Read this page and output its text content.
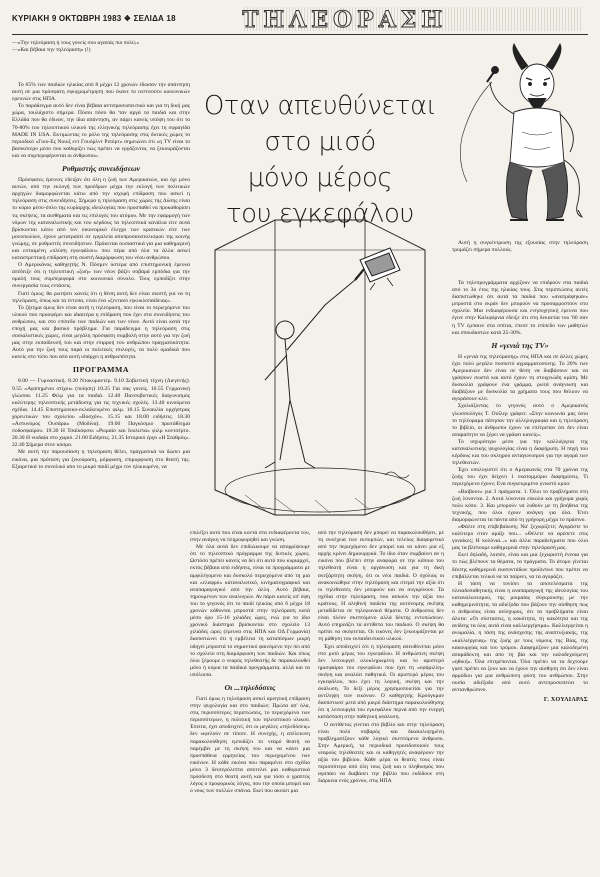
ΚΥΡΙΑΚΗ 9 ΟΚΤΩΒΡΗ 1983 ❖ ΣΕΛΙΔΑ 18	ΤΗΛΕΟΡΑΣΗ

—«Την τηλεόραση ή τους γονείς σου αγαπάς πιο πολύ;»

—«Και βέβαια την τηλεόραση» (!)

Το 65% των παιδιών ηλικίας από 8 μέχρι 12 χρονών έδωσαν την απάντηση αυτή σε μια πρόσφατη σφυγμομέτρηση που έκανε το ινστιτούτο κοινωνικών ερευνών στις ΗΠΑ.

Το παράδειγμα αυτό δεν είναι βέβαια αντιπροσωπευτικό και για τη δική μας χώρα, τουλάχιστο σήμερα. Πόσοι πόσο θα 'ταν αργά τα παιδιά και στην Ελλάδα που θα έδιναν, την ίδια απάντηση, αν πάρει κανείς υπόψη του ότι το 70-80% του τηλεοπτικού υλικού της ελληνικής τηλεόρασης έχει τη σφραγίδα MADE IN USA. Εκτιμώντας το ρόλο της τηλεόρασης στις δυτικές χώρες το περιοδικό «Γιου-Ες Νιουζ εντ Γουόρλντ Ριπόρτ» σημειώνει ότι «η TV είναι το βασικότερο μέσο που καθορίζει πώς πρέπει να εργάζονται, να ξεκουράζονται και να συμπεριφέρονται οι άνθρωποι».

Ρυθμιστής συνειδήσεων

Πρόσφατες έρευνες έδειξαν ότι όλη η ζωή των Αμερικανών, και όχι μόνο αυτών, από την εκλογή των προέδρων μέχρι την εκλογή των πολιτικών αρχηγών διαμορφώνεται κάτω από την ισχυρή επίδραση που ασκεί η τηλεόραση στις συνειδήσεις. Σήμερα η τηλεόραση στις χώρες της Δύσης είναι το κύριο μέσο-όπλο της κυρίαρχης ιδεολογίας που προσπαθεί να προκαθορίσει τις σκέψεις, τα αισθήματα και τις επιλογές του ατόμου. Με την εφαρμογή των νόμων της καταναλωτικής και του κέρδους τα τηλεοπτικά κανάλια είτε αυτά βρίσκονται κάτω από τον οικονομικό έλεγχο των κρατικών είτε των μονοπωλίων, έχουν μετατραπεί σε εργαλεία αποπροσανατολισμού της κοινής γνώμης, σε ρυθμιστές συνειδήσεων. Πρόκειται ουσιαστικά για μια καθημερινή και εσταιμένη «πλύση εγκεφάλου» που πέρα από όλα τα άλλα ασκεί καταστρεπτική επίδραση στη σωστή διαμόρφωση του νέου ανθρώπου.

Ο Αμερικάνος καθηγητής Ν. Πόσμεν ύστερα από επιστημονική έρευνα απέδειξε ότι η τηλεοπτική «ζωή» των νέων βάζει σοβαρά εμπόδια για την ομαλή τους συμπεριφορά στο κοινωνικό σύνολο. Τους εμποδίζει στην συνεργασία τους εντάσεις.

Γιατί όμως; θα ρωτήσει κανείς ότι η θέση αυτή δεν είναι σωστή για να τη τηλεόραση, όπως και τα έντυπα, είναι ένα «ζεντανό εγκυκλοπαίδειας».

Το ζήτημα όμως δεν είναι αυτή η τηλεόραση, που είναι το περιεχόμενο του υλικού που προσφέρει και ιδιαιτέρα η επίδραση που έχει στα συνειδήσεις του ανθρώπου, και στο επίπεδο των παιδιών και των νέων. Αυτό είναι κατά την εποχή μας και βασικό πρόβλημα. Για παράδειγμα η τηλεόραση στις σοσιαλιστικές χώρες, είναι μεγάλη πρόσφατη συμβολή στην αυτό για την ζωή μας στην εκπαίδευσή του και στην επιρροή του ανθρώπου πραγματικότητα. Αυτό για την ζωή τους παρά οι πολιτικές επιλογές, τα πολύ ομαδικά που κανείς στο τύπο που από αυτή υπάρχει η ανθρωπότητα.

ΠΡΟΓΡΑΜΜΑ

8.00 — Γυμναστική. 8.20 Ντοκυμαντέρ. 9.10 Σοβιετική τέχνη (Διεγενής). 9.55 «Αγαπημένοι στίχοι» (ποίηση) 10.25 Για σας γονείς. 10.55 Γερμανική γλώσσα. 11.25 Φιλμ για τα παιδιά. 12.40 Πανσοβιετικές διαγωνισμός καλύτερης τηλεοπτικής μετάδοσης για τις τεχνικές σχολές. 13.40 κινούμενα σχέδια. 14.45 Επιστημονικο-εκλαϊκευμένο φιλμ. 16.15 Συναυλία ορχήστρας χορευτικών του σχολείου «Βοσχόν». 15.15 και 18.00 ειδήσεις. 18.30 «Αστυνόμος Ουσάρα» (Μοδίνα). 19.00 Παγκόσμιο πρωτάθλημα ποδοσφαίρου. 19.30 Η Τσαϊκόφσκι «Ρωμαίο και Ιουλιέτα» φιλμ κοντσέρτο. 20.30 Η νιοδαία στο χωριό. 21.00 Ειδήσεις. 21.35 Ιστορικό έργο «Η Σταθμός». 22.40 Σήμερα στον κόσμο.

Με αυτή την παρουσίαση η τηλεόραση θέλει, πραγματικά να δώσει μια εικόνα, μια πρόταση για ξεκούραση, μόρφωση, επιμορφωση στο θεατή της. Εξαιρετικά το συνολικό απο το μικρό παιδί μέχρι τον ηλικιωμένο, να

Οταν απευθύνεται
στο μισό
μόνο μέρος
του εγκεφάλου

επιλέξει αυτό που είναι κοντά στα ενδιαφέροντα του, στην ανάγκη να πληροφορηθεί και γνώση.

Με όλα αυτά δεν επιδιώκουμε να απορρίψουμε ότι το τηλεοπτικό πρόγραμμα της δυτικές χώρες. Ωστόσο πρέπει κανείς να δει ότι αυτό που κυριαρχεί, εκτός βέβαια από ειδήσεις, είναι τα προγράμματα με αμφιλέγομενο και δυσκολό περιεχόμενο από τη μια και «ελαφρύ» καταναλωτικό, κινηματογραφικό και αναπαραγωγικό από την άλλη. Αυτό βέβαια, τηρουμένων των αναλογιών. Αν πάρει κανείς υπ' όψη του το γεγονός ότι το παιδί ηλικίας από 6 μέχρι 18 χρονών κάθονται μπροστά στην τηλεόραση κατά μέσο όρο 15-16 χιλιάδες ώρες, ενώ για το ίδιο χρονικό διάστημα βρίσκονται στο σχολείο 13 χιλιάδες ώρες (έρευνα στις ΗΠΑ και ΟΔ Γερμανία) διαπιστώνει ότι η εμβέλεια τη καταπίσμων μικρή οδηγεί μπροστά το σημαντικό φαινόμενο την πει από το σχολείο στη διαμόρφωση των παιδιών. Και όπως όλοι ξέρουμε ο νεαρός τηλεθεατής δε παρακολουθεί μόνο ή κύρια τα παιδικά προγράμματα, αλλά και τα υπόλοιπα.

Οι ...τηλεδόσεις

Γιατί όμως η τηλεόραση ασκεί αρνητική επίδραση στην ψυχολογία και στο παιδιών; Πρώτα απ' όλα, στις περισσότερες περιπτώσεις, το περιεχόμενο των περισσότερων, η πολιτική του τηλεοπτικού υλικού. Έπειτα, έχει αποδειχτεί, ότι οι μεγάλες «τηλεδόσεις» δεν ωφελούν σε τίποτε. Η συνεχής, η ατέλειωτη παρακολούθηση εμποδίζει το νεαρό θεατή να παρέμβει με τη σκέψη του και να κάνει μια προσπάθεια ερμηνείας του περιεχομένου των εικόνων. Η κάθε εικόνα που παραμένει στο σχέδιο μόνο 3 δευτερόλεπτα αποτελεί μια καθοριστικά πρόσδεση στο θεατή αυτή και για τόσο ο γραπτός λόγος ο προφορικός λόγος, που την οποία μπορεί και ο νους των πολλών σπάνια. Εκεί που ακούει μια

από την τηλεόραση δεν μπορεί να παρακολουθήσει, με τη συνέχεια των εκπομπών, και τελείως διαφορετικό από την περιεχόμενο δεν μπορεί και να κάνει μια εξ αρχής κρίνει δημιουργικά. Το ίδιο όταν συμβαίνει αν η εικόνα που βλέπει στην αναφορά σε την κάποιο του τηλεθεατή είναι η οργάνωση και για τη δική ανεξάρτητη σκέψη, ότι οι νέοι παιδιά. Ο σχόλιος οι ανακοινώθηκε στην τηλεόραση και στερεί την αξία ότι οι τηλεθεατές δεν μπορούν και να συγκρίνουν. Τα σχέδια στην τηλεόραση, που ασκούν την αξία του κράτους. Η αληθινή παιδεία της αυτόνομης σκέψης μεταδίδεται σε τηλεφωνικά θέματα. Ο άνθρωπος δεν είναι πλέον σκεπτόμενο αλλά δέκτης εντυπώσεων. Αυτό επηρεάζει τα αντίθετα του παιδιού. Ο σκέψη θα πρέπει να σκέφτεται. Οι εικόνες δεν ξεκουράζονται με τη μάθηση του εκπαιδευτικού υλικού.

Έχει αποδειχτεί ότι η τηλεόραση απευθύνεται μόνο στο μισό μέρος του εγκεφάλου. Η ανθρώπινη σκέψη δεν λειτουργεί ολοκληρωμένη και το αριστερό ημισφαίριο του εγκεφάλου που έχει τη «εφάμιλλη» σκέψη και αναλύει παθητικά. Οι αριστερό μέρος του εγκεφάλου, που έχει τη λογική, σκέψη και την ανάλυση. Το δεξί μέρος χρησιμοποιείται για την αντίληψη των εικόνων. Ο καθηγητής Κρούγκμαν διαπίστωσε μετά από μικρό διάστημα παρακολούθησης ότι η λειτουργία του εγκεφάλου περνά από την ενεργή κατάσταση στην παθητική ανάλυση.

Ο αντίθετος γίνεται στο βιβλίο και στην τηλεόραση είναι πολύ σοβαρός και δικαιολογημένη προβληματίζουν κάθε λογικό σκεπτόμενο άνθρωπο. Στην Αμερική, τα περιοδικά προειδοποιούν τους νεαρούς τηλεθεατές και οι καθηγητές αναφέρουν την αξία του βιβλίου. Κάθε μέρα οι θεατές τους είναι περισσότερο από όλη τους ζωή και ο πληθυσμός που αγαπάει να διαβάσει την βιβλίο που εκδίδουν στη διάρκεια ενός χρόνου, στις ΗΠΑ

Αυτή η συγκέντρωση της εξουσίας στην τηλεόραση τρομάζει σήμερα πολλούς.

Τα τηλεπρογράμματα αρχίζουν να επιδρούν στα παιδιά από το 3ο έτος της ηλικίας τους. Στις περιπτώσεις αυτές διαπιστώθηκε ότι αυτά τα παιδιά που «ανατράφηκαν» μπροστά στο εκράν δεν μπορούν να προσαρμοστούν στο σχολείο. Μια ενδιαφέρουσα και ενησυχητική έρευνα που έγινε στην Καλιφόρνια έδειξε ότι στη δεκαετία του '60 σαν η TV έμπαινε στα σπίτια, έπεσε το επίπεδο των μαθητών και σπουδαστών κατά 25-30%.

Η «γενιά της TV»

Η «γενιά της τηλεόρασης» στις ΗΠΑ και σε άλλες χώρες έχει πολύ μεγάλο ποσοστό αγραμματοσύνης. Το 20% των Αμερικανών δεν είναι σε θέση να διαβάσουν και να γράψουν σωστά και αυτό έχουν τη στοιχειώδη κρίση. Με δυσκολία γράφουν ένα γράμμα, ρωτά ανάγνωση και διαβάζουν με δυσκολία τα χρήματα τους που θέλουν να αγοράσουν κλπ.

Σχολιάζοντας το γεγονός αυτό ο Αμερικανός γλωσσολόγος Τ. Ουΐλερ γράφει: «Στην κοινωνία μας όσοι το τηλέοραμα πάτησαν την αλληλογραφία και η τηλεόραση το βιβλίο, οι άνθρωποι έχουν να επέτρεπαν ότι δεν είναι απαραίτητο να ξέρει να γράφει κανείς».

Το ισχυρότερο μέσο για την καλλιέργεια της καταναλωτικής ψυχολογίας είναι η διαφήμιση. Η πηγή του κέρδους και του σκληρού ανταγωνισμού για την αγορά των τηλεθεατών.

Έχει υπολογιστεί ότι ο Αμερικανός στα 70 χρόνια της ζωής του έχει δείχνει 1 εκατομμύριο διαφημίσεις. Τι περιεχόμενο έχουν; Ενα συγκεκριμένο γνωστό κρύο:

«Βαίβουν» για 3 πράγματα. 1. Όλοι το προβλήματα στη ζωή λύνονται. 2. Αυτά λύνονται εύκολα και γρήγορα χωρίς πολύ κόπο. 3. Και μπορούν να λυθούν με τη βοήθεια της τεχνικής, που όλοι έχουν ανάγκη για όλα. Έτσι διαμορφώνεται τα πάντα από τη γρήγορη μέχρι το πράσινο.

«Φάλτε στη επιβεβαίωση; Να' ξεχωρίζετε; Αγοράστε το καλύτερο στον αμάξι που... «Θέλετε να αρέσετε στις γυναίκες; Η κολόνια...» και άλλα παραδείγματα που όλοι μας τα βλέπουμε καθημερινά στην τηλεόρασή μας.

Εκεί δηλαδή, λοιπόν, είναι και μια ξεχωριστή έννοια για το πώς βλέπουν τα θέματα, τα πράγματα. Το άτομο γίνεται δέκτης καθημερινά εκατοντάδων προϊόντων που πρέπει να επιβάλλεται τελικά να τα παίρνει, να τα αγοράζει.

Η τάση να τονίσει τα αποτελέσματα της πλειαδοπαθητικής είναι η αναπαραγωγή της ιδεολογίας του καταναλωτισμού, της μοιραίας σύγκρουσης με την καθημερινότητα, τα αδιέξοδα που βάζουν την αίσθηση πως ο άνθρωπος είναι ανίσχυρος, ότι τα προβλήματα είναι άλυτα: «Οι σύστασεις, η κακότητα, τη κακότητα και της ανίδεης τα όλα, αυτά είναι καλλιεργήσιμα». Καλλιεργείται η ανωμαλία, η τάση της ανάσχεσης της αναπτυξιακής, της «καλλιέργειας» της ζωής με τους νόμους της Βίας, της κακουργίας και του τρόμου. Διαφημίζουν μια καλοδεμένη απαράδεκτη και απο τη βία και την καλοδεχούμενη «ηθική». Όλα επιτρέπονται. Όλα πρέπει να τα δεχτούμε γιατί πρέπει να ζουν και να έχουν την αίσθηση ότι δεν είναι αρμόδιοι για μια ανθρώπινη φύση του ανθρώπου. Στην ουσία αδιέξοδο από αυτό αντιπροσωπεύει το αντιανθρώπινο.

Γ. ΧΟΥΛΙΑΡΑΣ
